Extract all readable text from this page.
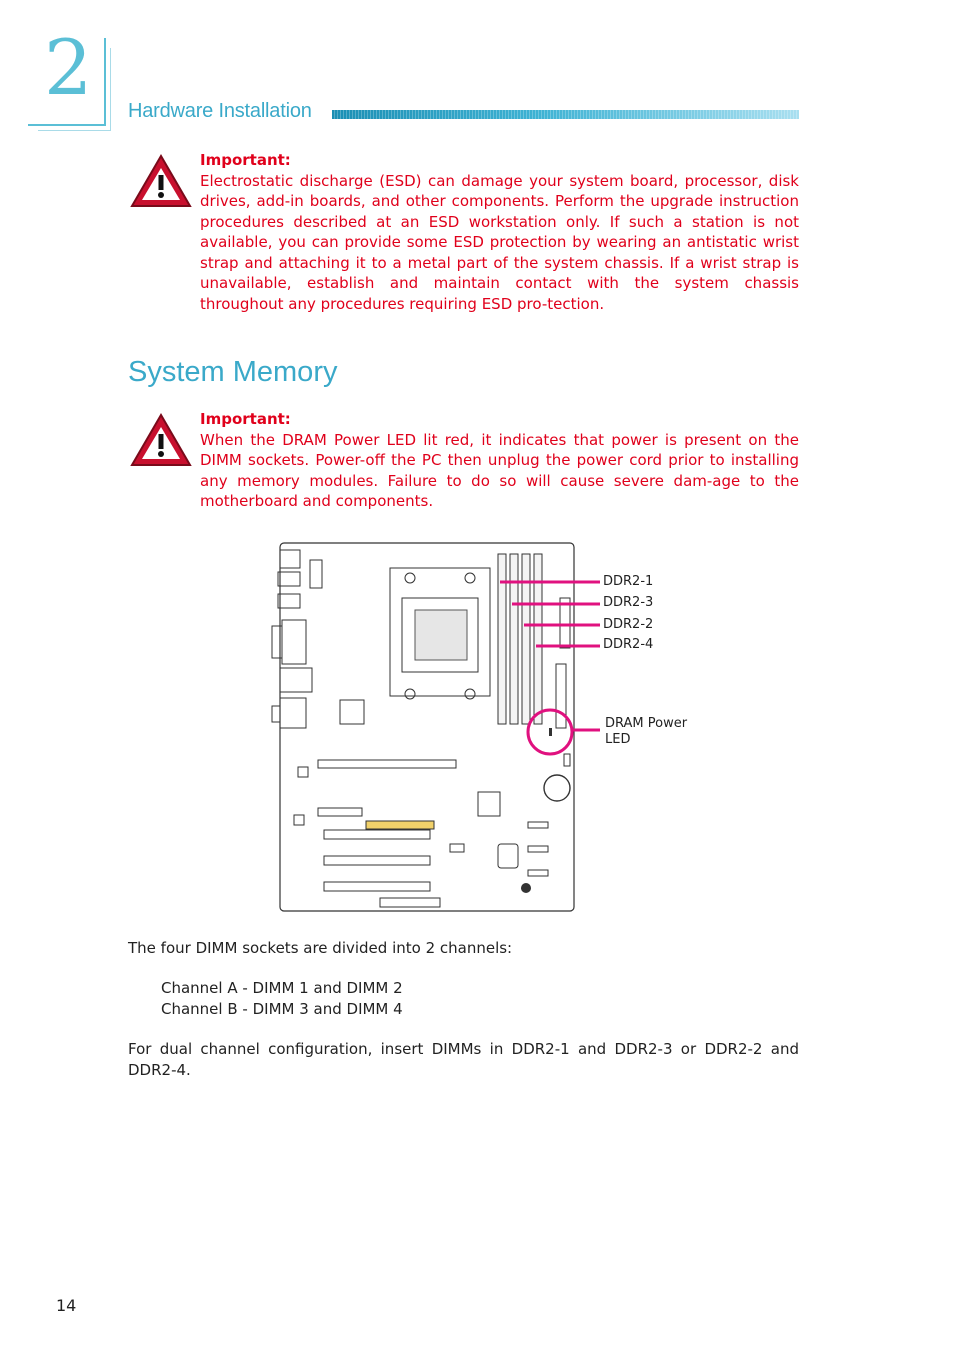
2 Hardware Installation
Important:
Electrostatic discharge (ESD) can damage your system board, processor, disk drives, add-in boards, and other components. Perform the upgrade instruction procedures described at an ESD workstation only. If such a station is not available, you can provide some ESD protection by wearing an antistatic wrist strap and attaching it to a metal part of the system chassis. If a wrist strap is unavailable, establish and maintain contact with the system chassis throughout any procedures requiring ESD pro-tection.
System Memory
Important:
When the DRAM Power LED lit red, it indicates that power is present on the DIMM sockets. Power-off the PC then unplug the power cord prior to installing any memory modules. Failure to do so will cause severe dam-age to the motherboard and components.
DDR2-1
DDR2-3
DDR2-2
DDR2-4
DRAM Power
LED
The four DIMM sockets are divided into 2 channels:
Channel A - DIMM 1 and DIMM 2
Channel B - DIMM 3 and DIMM 4
For dual channel configuration, insert DIMMs in DDR2-1 and DDR2-3 or DDR2-2 and DDR2-4.
14
